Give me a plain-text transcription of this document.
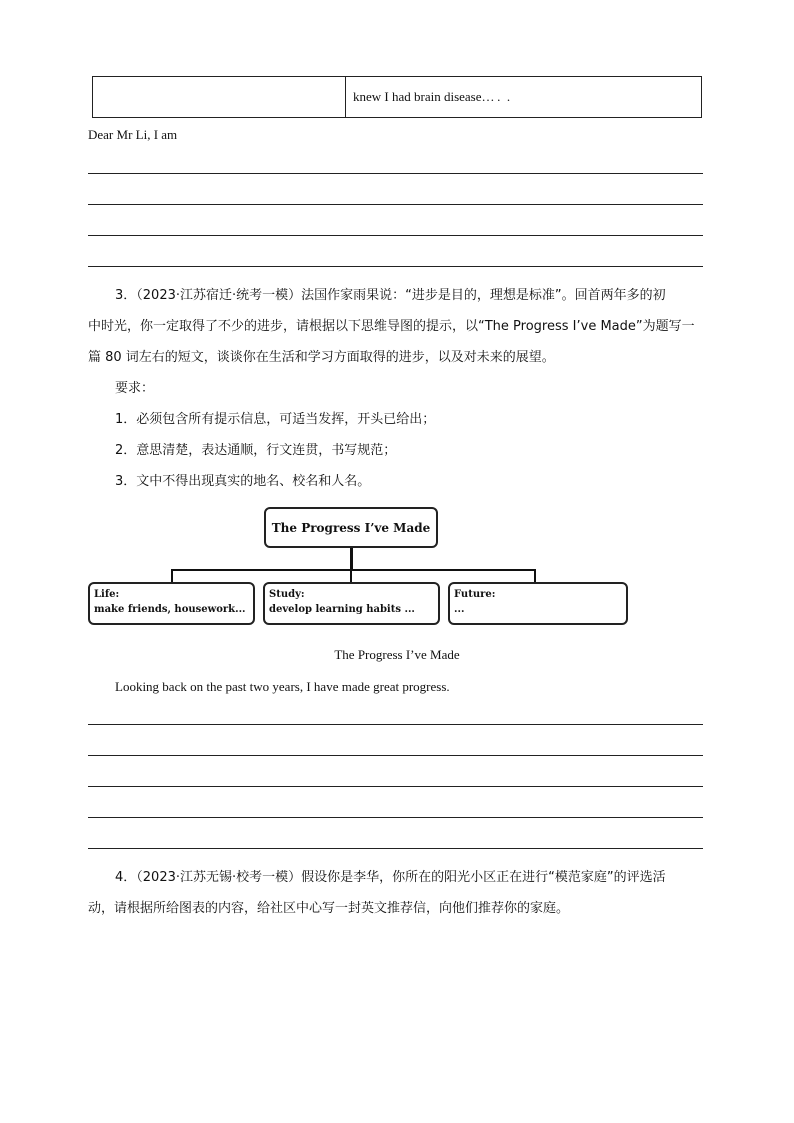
knew I had brain disease… . .
Dear Mr Li, I am
3．（2023·江苏宿迁·统考一模）法国作家雨果说：“进步是目的，理想是标准”。回首两年多的初
中时光，你一定取得了不少的进步，请根据以下思维导图的提示，以“The Progress I’ve Made”为题写一
篇 80 词左右的短文，谈谈你在生活和学习方面取得的进步，以及对未来的展望。
要求：
1．必须包含所有提示信息，可适当发挥，开头已给出；
2．意思清楚，表达通顺，行文连贯，书写规范；
3．文中不得出现真实的地名、校名和人名。
The Progress I’ve Made
Life:
make friends, housework...
Study:
develop learning habits ...
Future:
...
The Progress I’ve Made
Looking back on the past two years, I have made great progress.
4．（2023·江苏无锡·校考一模）假设你是李华，你所在的阳光小区正在进行“模范家庭”的评选活
动，请根据所给图表的内容，给社区中心写一封英文推荐信，向他们推荐你的家庭。
